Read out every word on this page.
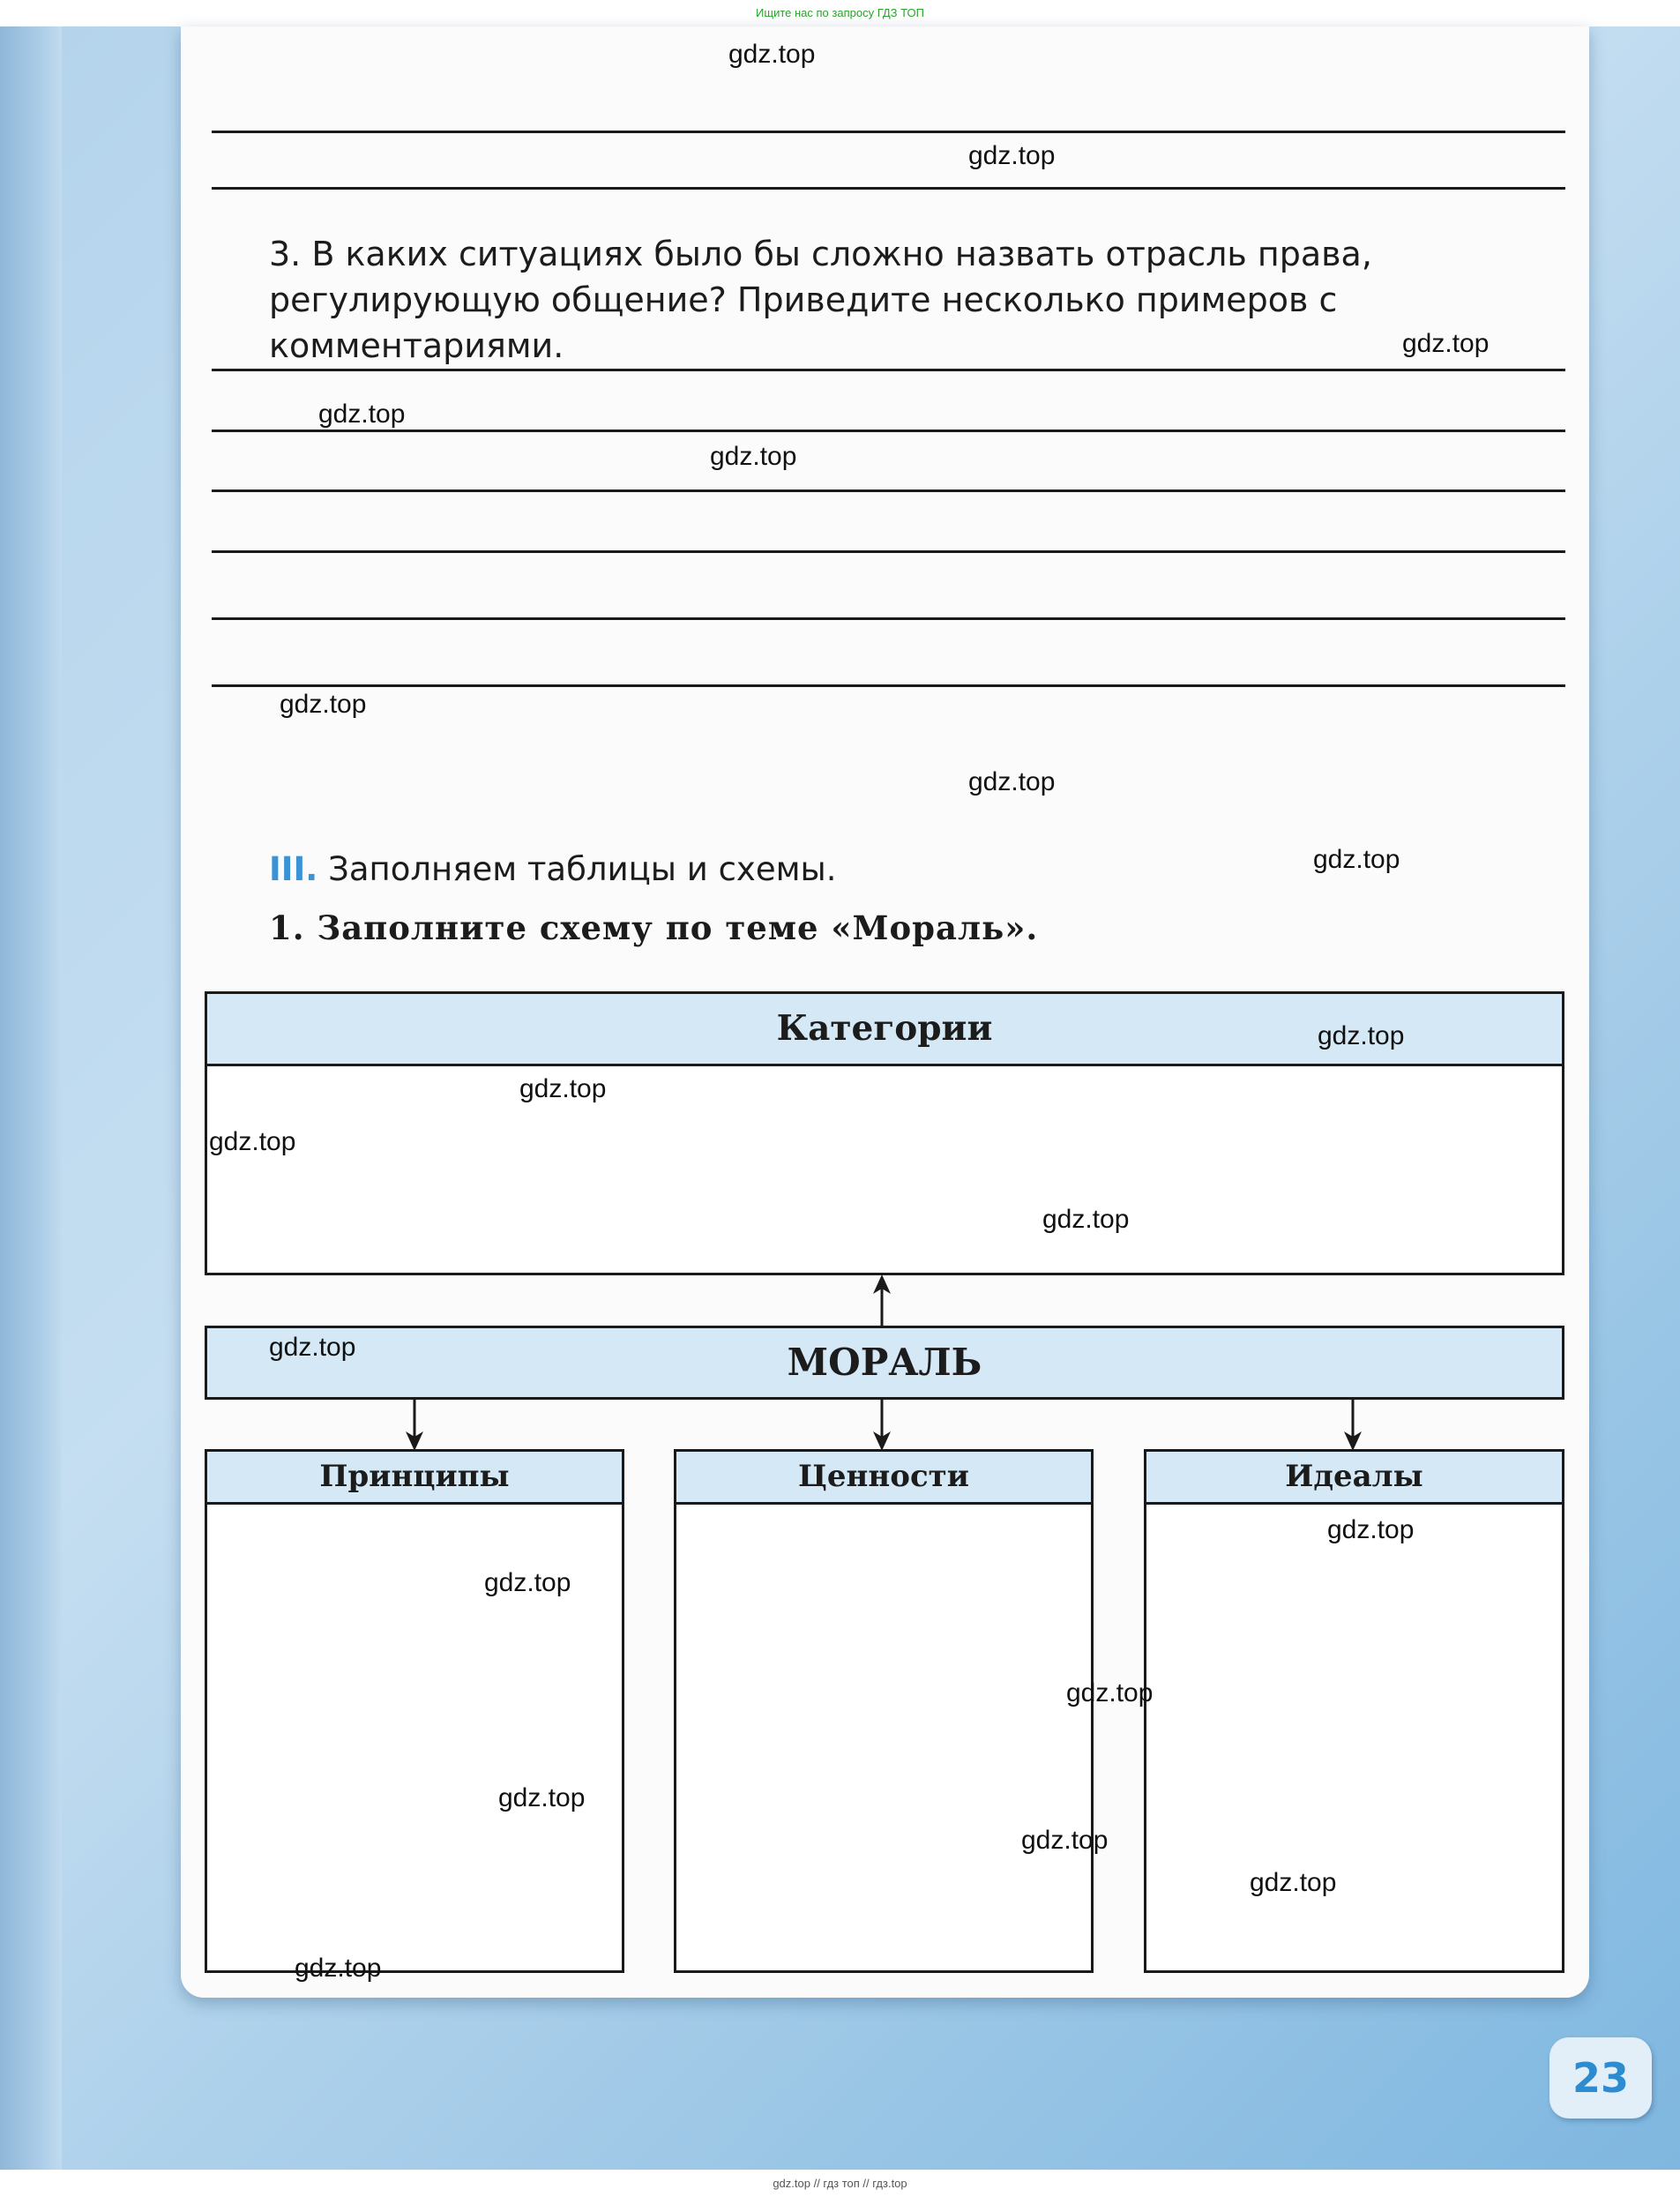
Ищите нас по запросу ГДЗ ТОП
3. В каких ситуациях было бы сложно назвать отрасль права, регулирующую общение? Приведите несколько примеров с комментариями.
III. Заполняем таблицы и схемы.
1. Заполните схему по теме «Мораль».
Категории
МОРАЛЬ
Принципы	Ценности	Идеалы
23
gdz.top
gdz.top
gdz.top
gdz.top
gdz.top
gdz.top
gdz.top
gdz.top
gdz.top
gdz.top
gdz.top
gdz.top
gdz.top
gdz.top
gdz.top
gdz.top
gdz.top
gdz.top
gdz.top
gdz.top
gdz.top // гдз топ // гдз.top
